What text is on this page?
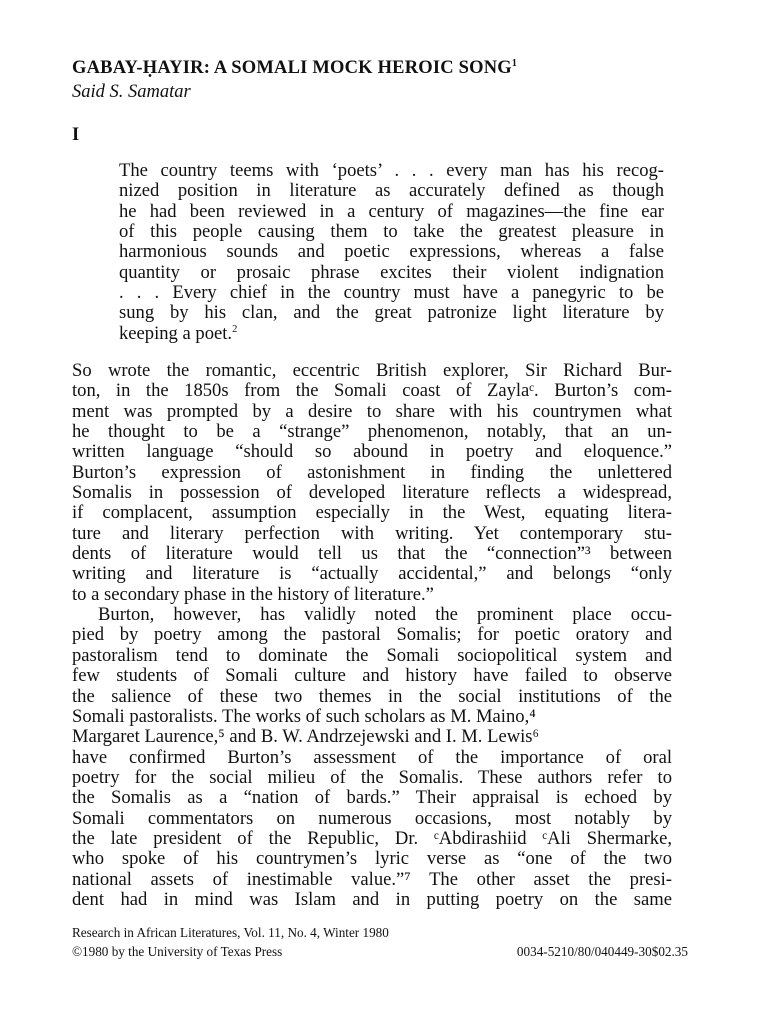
GABAY-ḤAYIR: A SOMALI MOCK HEROIC SONG$^1$
Said S. Samatar
I
The country teems with ‘poets’ . . . every man has his recog-
nized position in literature as accurately defined as though
he had been reviewed in a century of magazines—the fine ear
of this people causing them to take the greatest pleasure in
harmonious sounds and poetic expressions, whereas a false
quantity or prosaic phrase excites their violent indignation
. . . Every chief in the country must have a panegyric to be
sung by his clan, and the great patronize light literature by
keeping a poet.$^2$
So wrote the romantic, eccentric British explorer, Sir Richard Bur-
ton, in the 1850s from the Somali coast of Zaylaᶜ. Burton’s com-
ment was prompted by a desire to share with his countrymen what
he thought to be a “strange” phenomenon, notably, that an un-
written language “should so abound in poetry and eloquence.”
Burton’s expression of astonishment in finding the unlettered
Somalis in possession of developed literature reflects a widespread,
if complacent, assumption especially in the West, equating litera-
ture and literary perfection with writing. Yet contemporary stu-
dents of literature would tell us that the “connection”³ between
writing and literature is “actually accidental,” and belongs “only
to a secondary phase in the history of literature.”
Burton, however, has validly noted the prominent place occu-
pied by poetry among the pastoral Somalis; for poetic oratory and
pastoralism tend to dominate the Somali sociopolitical system and
few students of Somali culture and history have failed to observe
the salience of these two themes in the social institutions of the
Somali pastoralists. The works of such scholars as M. Maino,⁴
Margaret Laurence,⁵ and B. W. Andrzejewski and I. M. Lewis⁶
have confirmed Burton’s assessment of the importance of oral
poetry for the social milieu of the Somalis. These authors refer to
the Somalis as a “nation of bards.” Their appraisal is echoed by
Somali commentators on numerous occasions, most notably by
the late president of the Republic, Dr. ᶜAbdirashiid ᶜAli Shermarke,
who spoke of his countrymen’s lyric verse as “one of the two
national assets of inestimable value.”⁷ The other asset the presi-
dent had in mind was Islam and in putting poetry on the same
Research in African Literatures, Vol. 11, No. 4, Winter 1980
©1980 by the University of Texas Press	0034-5210/80/040449-30$02.35
